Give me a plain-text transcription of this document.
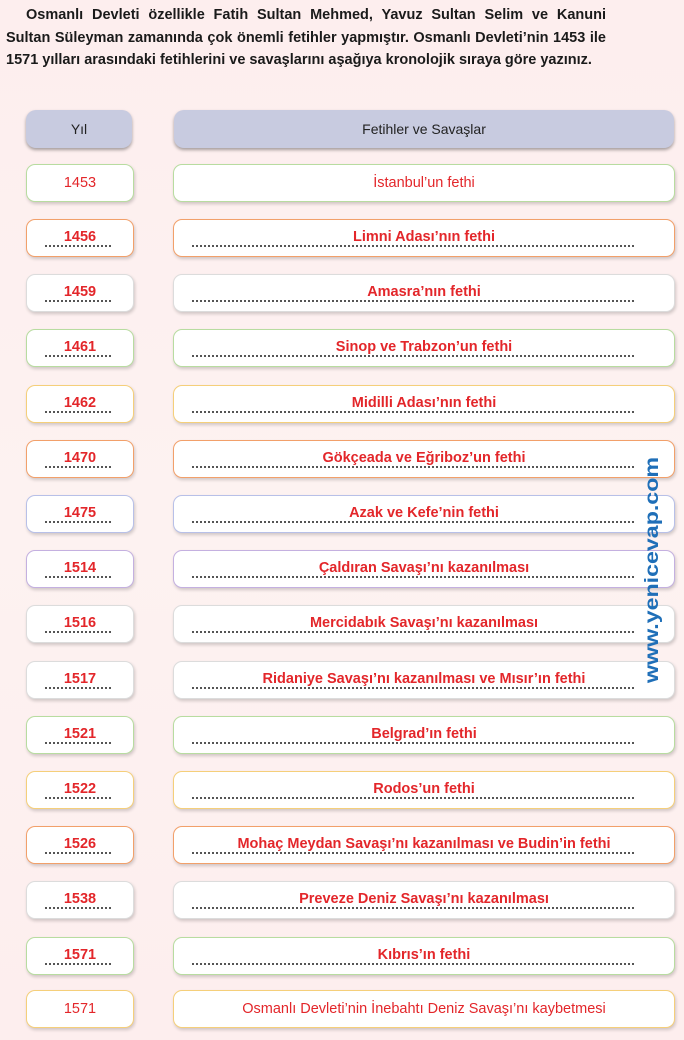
Osmanlı Devleti özellikle Fatih Sultan Mehmed, Yavuz Sultan Selim ve Kanuni Sultan Süleyman zamanında çok önemli fetihler yapmıştır. Osmanlı Devleti’nin 1453 ile 1571 yılları arasındaki fetihlerini ve savaşlarını aşağıya kronolojik sıraya göre yazınız.
Yıl	Fetihler ve Savaşlar
1453	İstanbul’un fethi
1456	Limni Adası’nın fethi
1459	Amasra’nın fethi
1461	Sinop ve Trabzon’un fethi
1462	Midilli Adası’nın fethi
1470	Gökçeada ve Eğriboz’un fethi
1475	Azak ve Kefe’nin fethi
1514	Çaldıran Savaşı’nı kazanılması
1516	Mercidabık Savaşı’nı kazanılması
1517	Ridaniye Savaşı’nı kazanılması ve Mısır’ın fethi
1521	Belgrad’ın fethi
1522	Rodos’un fethi
1526	Mohaç Meydan Savaşı’nı kazanılması ve Budin’in fethi
1538	Preveze Deniz Savaşı’nı kazanılması
1571	Kıbrıs’ın fethi
1571	Osmanlı Devleti’nin İnebahtı Deniz Savaşı’nı kaybetmesi
www.yenicevap.com
